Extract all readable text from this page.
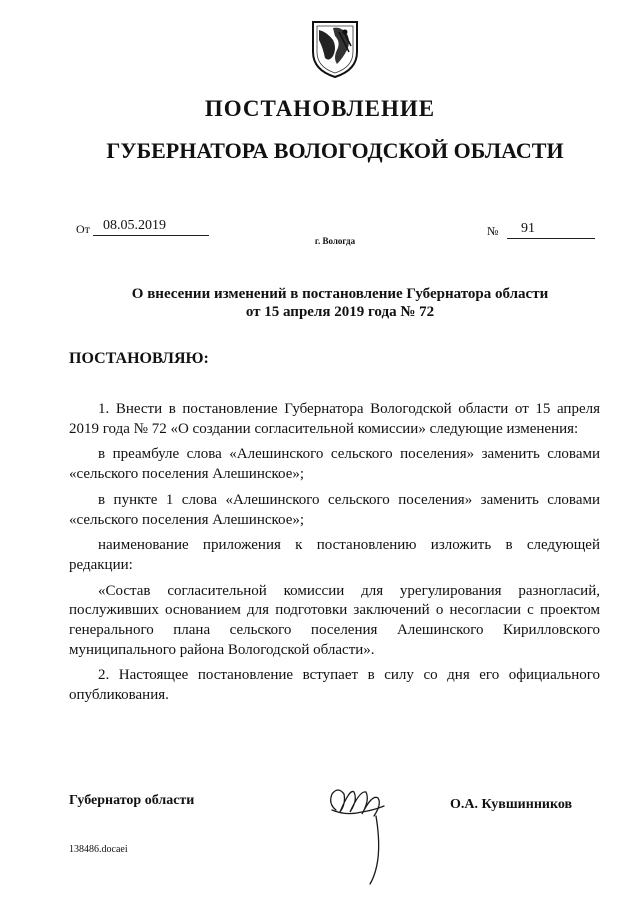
ПОСТАНОВЛЕНИЕ
ГУБЕРНАТОРА ВОЛОГОДСКОЙ ОБЛАСТИ
От 08.05.2019	№	91
г. Вологда
О внесении изменений в постановление Губернатора области
от 15 апреля 2019 года № 72
ПОСТАНОВЛЯЮ:

1. Внести в постановление Губернатора Вологодской области от 15 апреля 2019 года № 72 «О создании согласительной комиссии» следующие изменения:

в преамбуле слова «Алешинского сельского поселения» заменить словами «сельского поселения Алешинское»;

в пункте 1 слова «Алешинского сельского поселения» заменить словами «сельского поселения Алешинское»;

наименование приложения к постановлению изложить в следующей редакции:

«Состав согласительной комиссии для урегулирования разногласий, послуживших основанием для подготовки заключений о несогласии с проектом генерального плана сельского поселения Алешинского Кирилловского муниципального района Вологодской области».

2. Настоящее постановление вступает в силу со дня его официального опубликования.

Губернатор области	О.А. Кувшинников
138486.docaei
